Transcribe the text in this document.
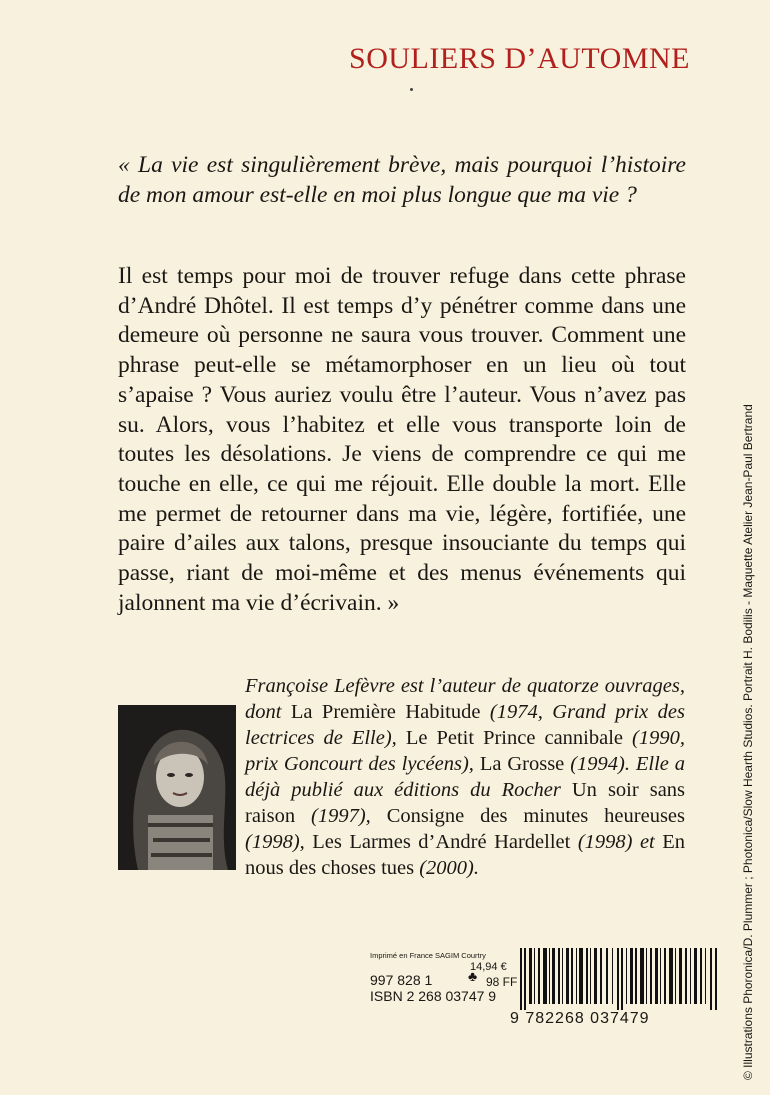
SOULIERS D’AUTOMNE
« La vie est singulièrement brève, mais pourquoi l’histoire de mon amour est-elle en moi plus longue que ma vie ?
Il est temps pour moi de trouver refuge dans cette phrase d’André Dhôtel. Il est temps d’y pénétrer comme dans une demeure où personne ne saura vous trouver. Comment une phrase peut-elle se métamorphoser en un lieu où tout s’apaise ? Vous auriez voulu être l’auteur. Vous n’avez pas su. Alors, vous l’habitez et elle vous transporte loin de toutes les désolations. Je viens de comprendre ce qui me touche en elle, ce qui me réjouit. Elle double la mort. Elle me permet de retourner dans ma vie, légère, fortifiée, une paire d’ailes aux talons, presque insouciante du temps qui passe, riant de moi-même et des menus événements qui jalonnent ma vie d’écrivain. »
Françoise Lefèvre est l’auteur de quatorze ouvrages, dont La Première Habitude (1974, Grand prix des lectrices de Elle), Le Petit Prince cannibale (1990, prix Goncourt des lycéens), La Grosse (1994). Elle a déjà publié aux éditions du Rocher Un soir sans raison (1997), Consigne des minutes heureuses (1998), Les Larmes d’André Hardellet (1998) et En nous des choses tues (2000).	© Illustrations Phoronica/D. Plummer ; Photonica/Slow Hearth Studios. Portrait H. Bodilis - Maquette Atelier Jean-Paul Bertrand
Imprimé en France SAGIM Courtry
14,94 €
997 828 1	♣ 98 FF
ISBN 2 268 03747 9
9 782268 037479
